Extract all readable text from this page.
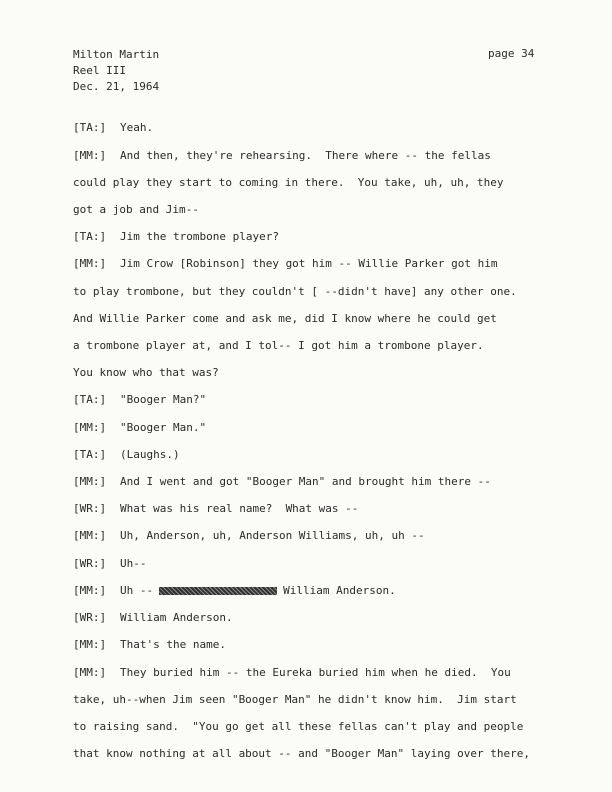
Milton Martin
Reel III
Dec. 21, 1964
page 34
[TA:] Yeah.
[MM:] And then, they're rehearsing.  There where -- the fellas
could play they start to coming in there.  You take, uh, uh, they
got a job and Jim--
[TA:] Jim the trombone player?
[MM:] Jim Crow [Robinson] they got him -- Willie Parker got him
to play trombone, but they couldn't [ --didn't have] any other one.
And Willie Parker come and ask me, did I know where he could get
a trombone player at, and I tol-- I got him a trombone player.
You know who that was?
[TA:] "Booger Man?"
[MM:] "Booger Man."
[TA:] (Laughs.)
[MM:] And I went and got "Booger Man" and brought him there --
[WR:] What was his real name?  What was --
[MM:] Uh, Anderson, uh, Anderson Williams, uh, uh --
[WR:] Uh--
[MM:] Uh --	William Anderson.
[WR:] William Anderson.
[MM:] That's the name.
[MM:] They buried him -- the Eureka buried him when he died.  You
take, uh--when Jim seen "Booger Man" he didn't know him.  Jim start
to raising sand.  "You go get all these fellas can't play and people
that know nothing at all about -- and "Booger Man" laying over there,
